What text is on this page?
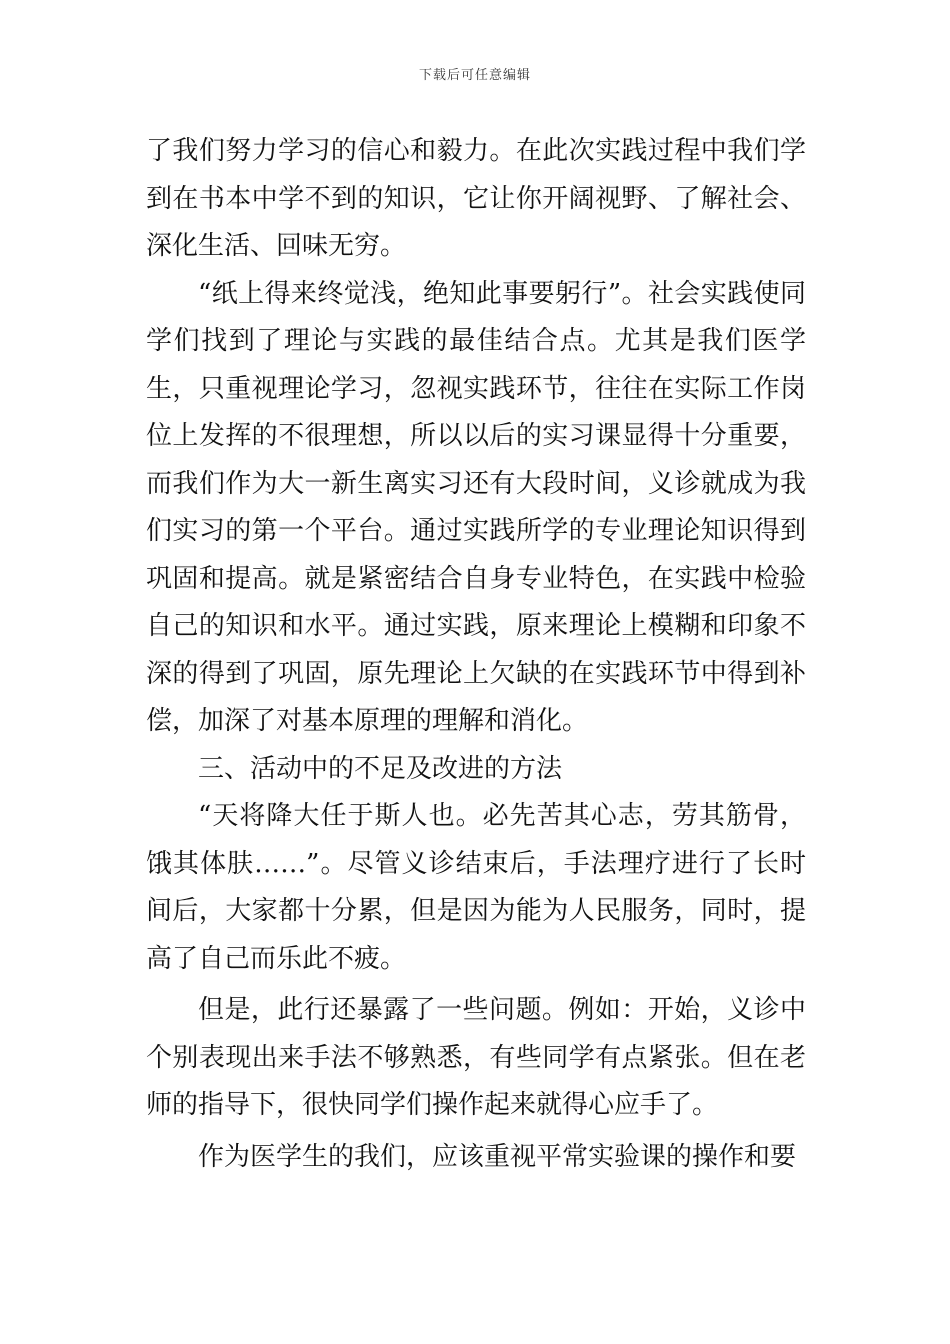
下载后可任意编辑

了我们努力学习的信心和毅力。在此次实践过程中我们学到在书本中学不到的知识，它让你开阔视野、了解社会、深化生活、回味无穷。

“纸上得来终觉浅，绝知此事要躬行”。社会实践使同学们找到了理论与实践的最佳结合点。尤其是我们医学生，只重视理论学习，忽视实践环节，往往在实际工作岗位上发挥的不很理想，所以以后的实习课显得十分重要，而我们作为大一新生离实习还有大段时间，义诊就成为我们实习的第一个平台。通过实践所学的专业理论知识得到巩固和提高。就是紧密结合自身专业特色，在实践中检验自己的知识和水平。通过实践，原来理论上模糊和印象不深的得到了巩固，原先理论上欠缺的在实践环节中得到补偿，加深了对基本原理的理解和消化。

三、活动中的不足及改进的方法

“天将降大任于斯人也。必先苦其心志，劳其筋骨，饿其体肤……”。尽管义诊结束后，手法理疗进行了长时间后，大家都十分累，但是因为能为人民服务，同时，提高了自己而乐此不疲。

但是，此行还暴露了一些问题。例如：开始，义诊中个别表现出来手法不够熟悉，有些同学有点紧张。但在老师的指导下，很快同学们操作起来就得心应手了。

作为医学生的我们，应该重视平常实验课的操作和要
